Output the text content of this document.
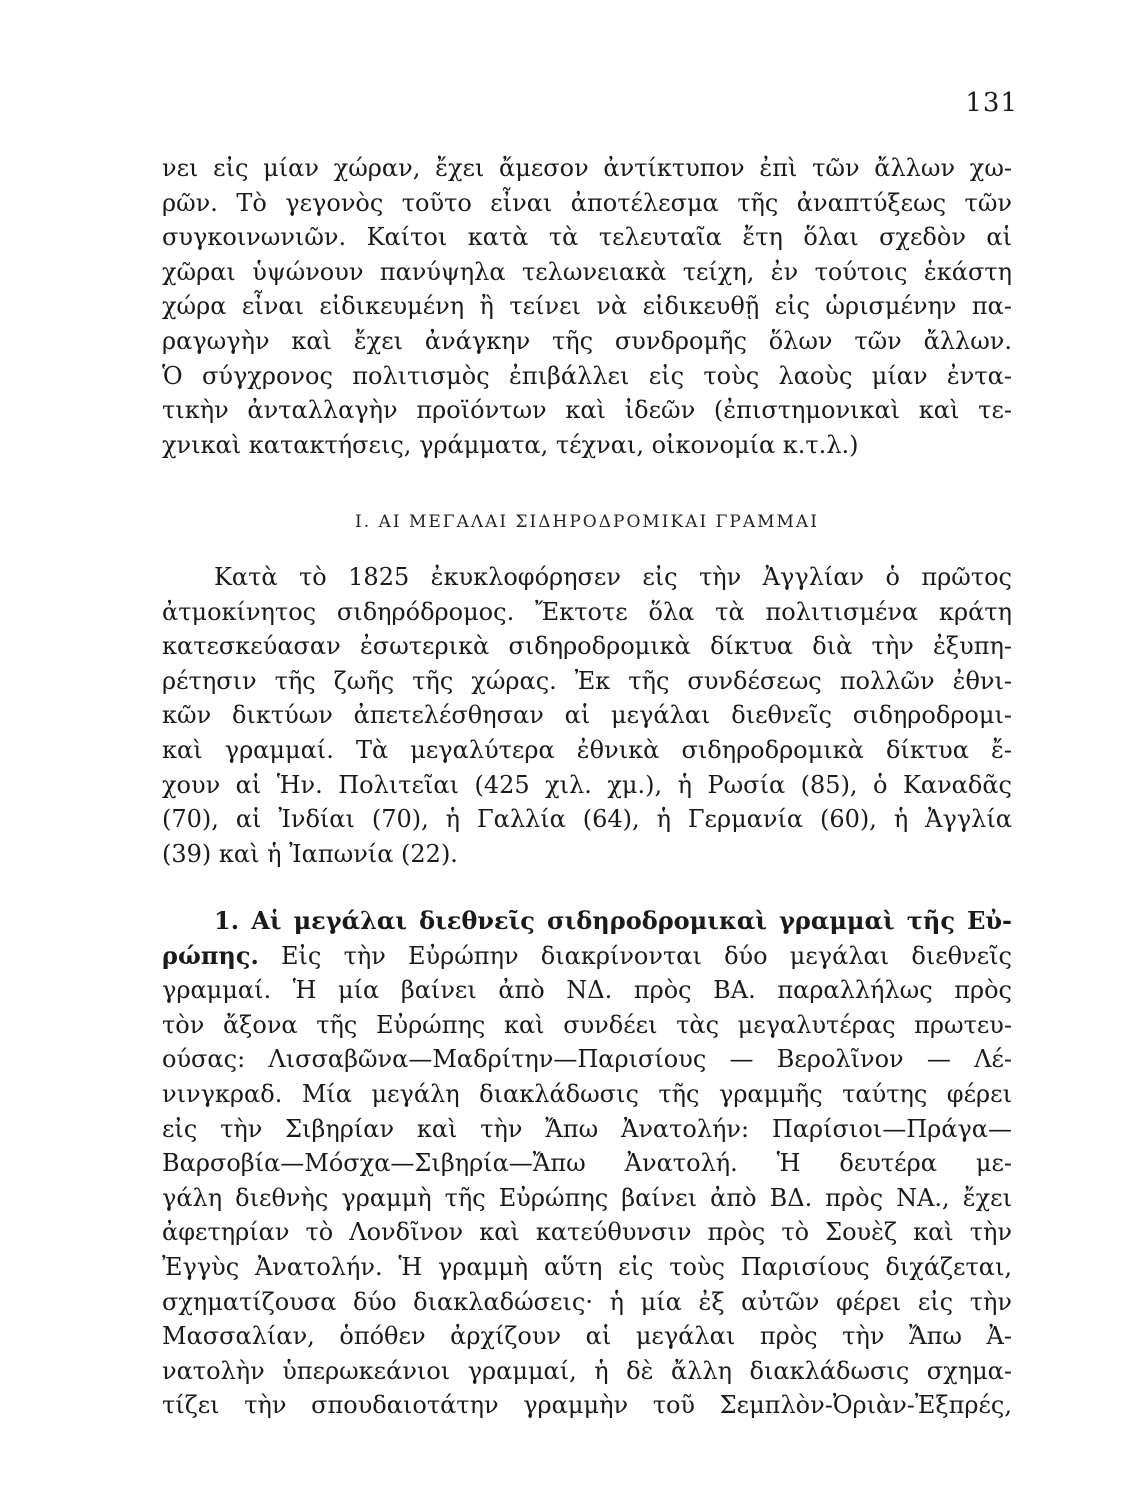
131
νει εἰς μίαν χώραν, ἔχει ἄμεσον ἀντίκτυπον ἐπὶ τῶν ἄλλων χω-
ρῶν. Τὸ γεγονὸς τοῦτο εἶναι ἀποτέλεσμα τῆς ἀναπτύξεως τῶν
συγκοινωνιῶν. Καίτοι κατὰ τὰ τελευταῖα ἔτη ὅλαι σχεδὸν αἱ
χῶραι ὑψώνουν πανύψηλα τελωνειακὰ τείχη, ἐν τούτοις ἑκάστη
χώρα εἶναι εἰδικευμένη ἢ τείνει νὰ εἰδικευθῇ εἰς ὡρισμένην πα-
ραγωγὴν καὶ ἔχει ἀνάγκην τῆς συνδρομῆς ὅλων τῶν ἄλλων.
Ὁ σύγχρονος πολιτισμὸς ἐπιβάλλει εἰς τοὺς λαοὺς μίαν ἐντα-
τικὴν ἀνταλλαγὴν προϊόντων καὶ ἰδεῶν (ἐπιστημονικαὶ καὶ τε-
χνικαὶ κατακτήσεις, γράμματα, τέχναι, οἰκονομία κ.τ.λ.)
I. ΑΙ ΜΕΓΑΛΑΙ ΣΙΔΗΡΟΔΡΟΜΙΚΑΙ ΓΡΑΜΜΑΙ
Κατὰ τὸ 1825 ἐκυκλοφόρησεν εἰς τὴν Ἀγγλίαν ὁ πρῶτος
ἀτμοκίνητος σιδηρόδρομος. Ἔκτοτε ὅλα τὰ πολιτισμένα κράτη
κατεσκεύασαν ἐσωτερικὰ σιδηροδρομικὰ δίκτυα διὰ τὴν ἐξυπη-
ρέτησιν τῆς ζωῆς τῆς χώρας. Ἐκ τῆς συνδέσεως πολλῶν ἐθνι-
κῶν δικτύων ἀπετελέσθησαν αἱ μεγάλαι διεθνεῖς σιδηροδρομι-
καὶ γραμμαί. Τὰ μεγαλύτερα ἐθνικὰ σιδηροδρομικὰ δίκτυα ἔ-
χουν αἱ Ἡν. Πολιτεῖαι (425 χιλ. χμ.), ἡ Ρωσία (85), ὁ Καναδᾶς
(70), αἱ Ἰνδίαι (70), ἡ Γαλλία (64), ἡ Γερμανία (60), ἡ Ἀγγλία
(39) καὶ ἡ Ἰαπωνία (22).
1. Αἱ μεγάλαι διεθνεῖς σιδηροδρομικαὶ γραμμαὶ τῆς Εὐ-
ρώπης. Εἰς τὴν Εὐρώπην διακρίνονται δύο μεγάλαι διεθνεῖς
γραμμαί. Ἡ μία βαίνει ἀπὸ ΝΔ. πρὸς ΒΑ. παραλλήλως πρὸς
τὸν ἄξονα τῆς Εὐρώπης καὶ συνδέει τὰς μεγαλυτέρας πρωτευ-
ούσας: Λισσαβῶνα—Μαδρίτην—Παρισίους — Βερολῖνον — Λέ-
νινγκραδ. Μία μεγάλη διακλάδωσις τῆς γραμμῆς ταύτης φέρει
εἰς τὴν Σιβηρίαν καὶ τὴν Ἄπω Ἀνατολήν: Παρίσιοι—Πράγα—
Βαρσοβία—Μόσχα—Σιβηρία—Ἄπω Ἀνατολή. Ἡ δευτέρα με-
γάλη διεθνὴς γραμμὴ τῆς Εὐρώπης βαίνει ἀπὸ ΒΔ. πρὸς ΝΑ., ἔχει
ἀφετηρίαν τὸ Λονδῖνον καὶ κατεύθυνσιν πρὸς τὸ Σουὲζ καὶ τὴν
Ἐγγὺς Ἀνατολήν. Ἡ γραμμὴ αὕτη εἰς τοὺς Παρισίους διχάζεται,
σχηματίζουσα δύο διακλαδώσεις· ἡ μία ἐξ αὐτῶν φέρει εἰς τὴν
Μασσαλίαν, ὁπόθεν ἀρχίζουν αἱ μεγάλαι πρὸς τὴν Ἄπω Ἀ-
νατολὴν ὑπερωκεάνιοι γραμμαί, ἡ δὲ ἄλλη διακλάδωσις σχημα-
τίζει τὴν σπουδαιοτάτην γραμμὴν τοῦ Σεμπλὸν-Ὀριὰν-Ἐξπρές,
